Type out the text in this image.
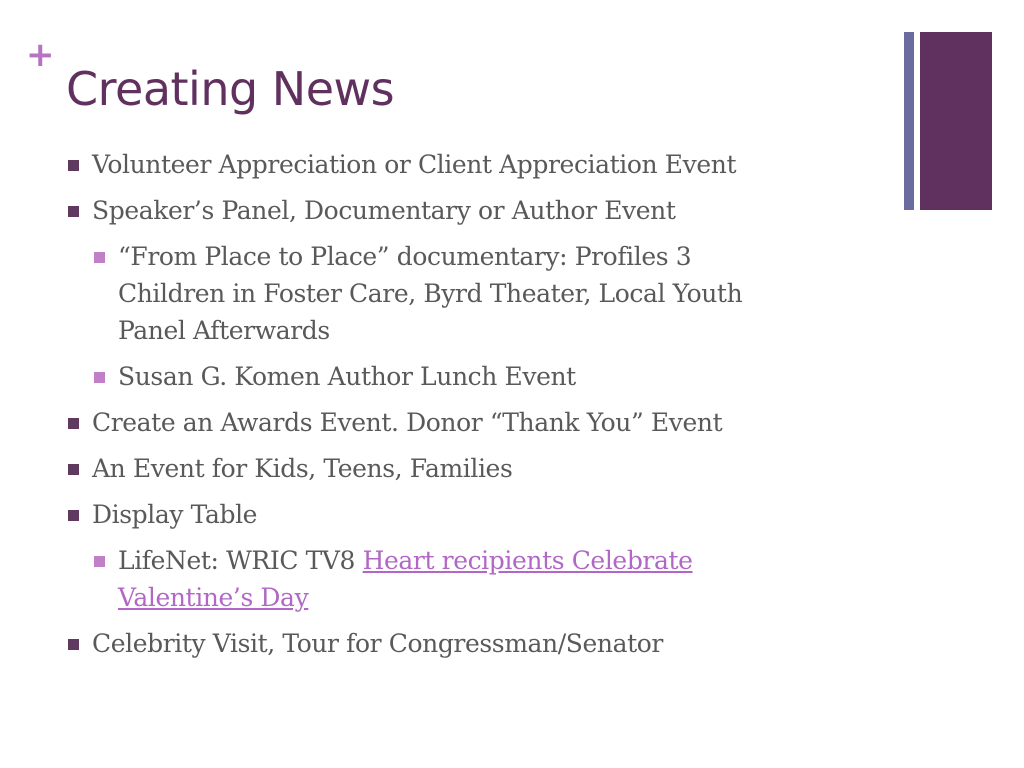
+
Creating News
Volunteer Appreciation or Client Appreciation Event
Speaker’s Panel, Documentary or Author Event
“From Place to Place” documentary: Profiles 3 Children in Foster Care, Byrd Theater, Local Youth Panel Afterwards
Susan G. Komen Author Lunch Event
Create an Awards Event. Donor “Thank You” Event
An Event for Kids, Teens, Families
Display Table
LifeNet: WRIC TV8 Heart recipients Celebrate Valentine’s Day
Celebrity Visit, Tour for Congressman/Senator
